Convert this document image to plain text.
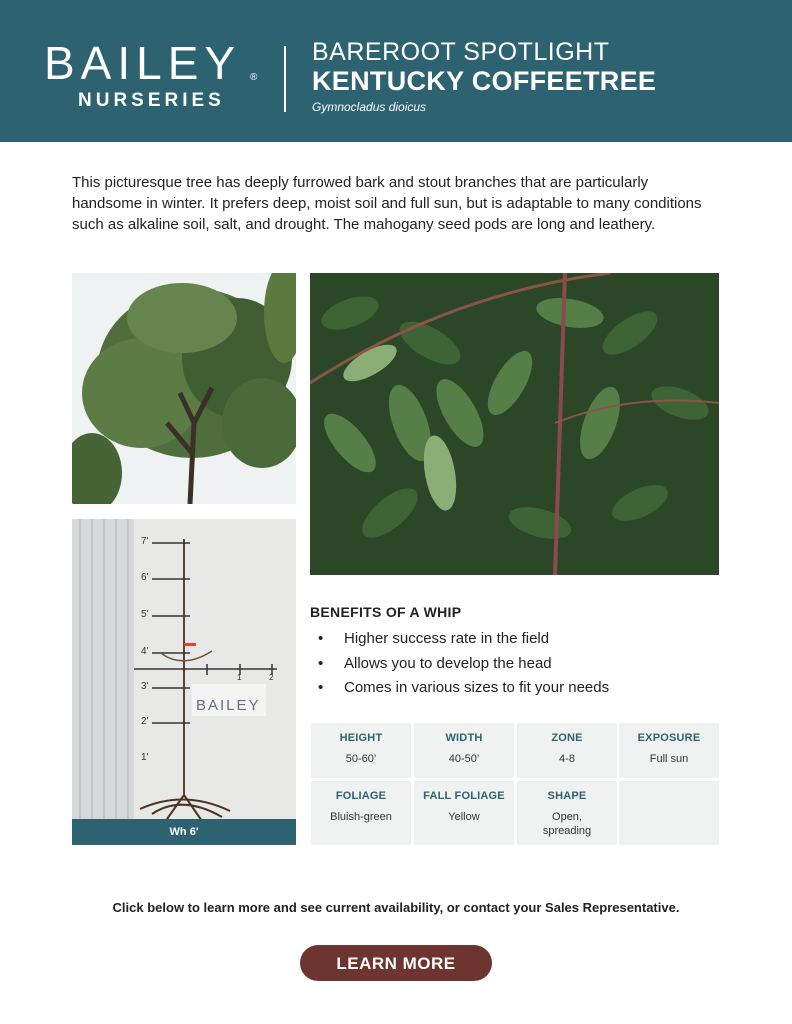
BAILEY ®
NURSERIES
BAREROOT SPOTLIGHT
KENTUCKY COFFEETREE
Gymnocladus dioicus
This picturesque tree has deeply furrowed bark and stout branches that are particularly handsome in winter. It prefers deep, moist soil and full sun, but is adaptable to many conditions such as alkaline soil, salt, and drought. The mahogany seed pods are long and leathery.
7'
6'
5'
4'
3'
2'
1'
1	2
BAILEY
Wh 6'
BENEFITS OF A WHIP
• Higher success rate in the field
• Allows you to develop the head
• Comes in various sizes to fit your needs
HEIGHT
50-60’
WIDTH
40-50’
ZONE
4-8
EXPOSURE
Full sun
FOLIAGE
Bluish-green
FALL FOLIAGE
Yellow
SHAPE
Open, spreading
Click below to learn more and see current availability, or contact your Sales Representative.
LEARN MORE
